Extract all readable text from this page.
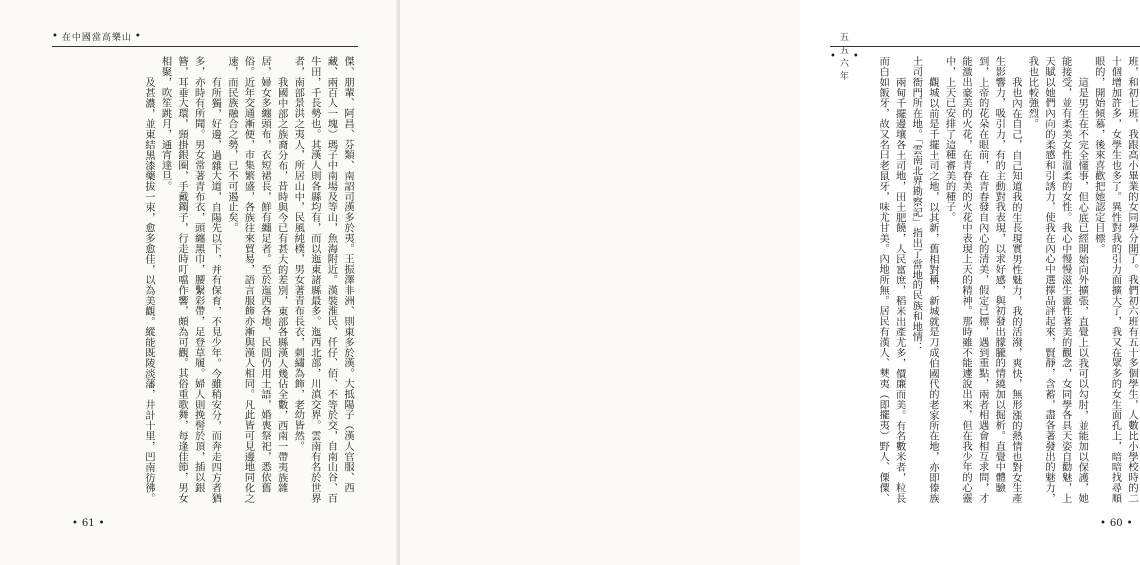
• 在中國當高樂山 •

傑、朋輩、阿昌、芬類、南詔司漢多於夷。王振澤非洲、則東多於漢。大抵陽子（漢人官服、西藏、兩百人一塊）瑪子中南場及等山，魚海附近。漢裝淮民、仟仔、佰、不等於交，自南山谷、百牛田，千長勢也。其漢人則各縣均有，而以迤東諸縣最多。迤西北部，川滇交界。雲南有名於世界者，南部景洪之夷人，所居山中，民風純樸，男女著青布長衣，刺繡為飾，老幼皆然。

我國中部之族裔分布，昔時與今已有甚大的差別，東部各縣漢人幾佔全數，西南一帶夷族雜居，婦女多纏頭布，衣短裙長，鮮有纏足者。至於迤西各地，民間仍用土語，婚喪祭祀，悉依舊俗。近年交通漸便，市集繁盛，各族往來貿易，語言服飾亦漸與漢人相同。凡此皆可見邊地同化之速，而民族融合之勢，已不可遏止矣。

有所獨，好邊，過雜大道，自陽先以下，并有保育，不見少年。今雖稍安分，而奔走四方者猶多，亦時有所聞。男女常著青布衣，頭纏黑巾，腰繫彩帶，足登草履。婦人則挽髻於頂，插以銀簪，耳垂大環，頸掛銀圈，手戴鐲子，行走時叮噹作響，頗為可觀。其俗重歌舞，每逢佳節，男女相聚，吹笙跳月，通宵達旦。

及甚濃，並東結黑漆藥拔一束，愈多愈佳，以為美觀。縱能既陵淡藩，井計十里，凹南彷彿。

• 61 •
•
五五六年
•	班，和初七班，我跟高小畢業的女同學分開了。我們初六班有五十多個學生，人數比小學校時的二十個增加許多，女學生也多了。異性對我的引力面擴大了，我又在眾多的女生面孔上，暗暗找尋順眼的，開始傾慕，後來喜歡把她認定目標。

這是男生在不完全懂事，但心底已經開始向外擴張，直覺上以我可以勾肘，並能加以保護，她能接受，並有柔美女性溫柔的女性。我心中慢慢滋生靈性著美的觀念，女同學各具天姿自勸魅，上天賦以她們內向的柔感和引誘力，使我在內心中選擇品評起來，賢靜，含蓄，盡各著發出的魅力，我也比較強烈。

我也內在自己，自己知道我的生長現實男性魅力，我的活潑，爽快，無形漲的熱情也對女生產生影響力，吸引力，有的主動對我表現，以求好感，與初發出朦朧的情繞加以掘析。直覺中體驗到，上帝的花朵在眼前，在青春發自內心的清美，假定已標，遇到重點，兩者相遇會相互求問，才能激出豪美的火花，在青春美的火花中表現上天的精神。那時雖不能遽說出來，但在我少年的心靈中，上天已安排了這種審美的種子。

觀城以前是千擺土司之地，以其新，舊相對稱，新城就是刀成伯國代的老家所在地，亦即傣族土司衙門所在地。「雲南北界勘察記」指出了當地的民族和地情：

兩甸千擺邊壤各土司地，田土肥饒，人民富庶，稻米出產尤多，價廉而美。有名數米者，粒長而白如飯牙，故又名曰老鼠牙，味尤甘美。內地所無。居民有漢人、僰夷（即擺夷）野人、傈僳、

• 60 •
